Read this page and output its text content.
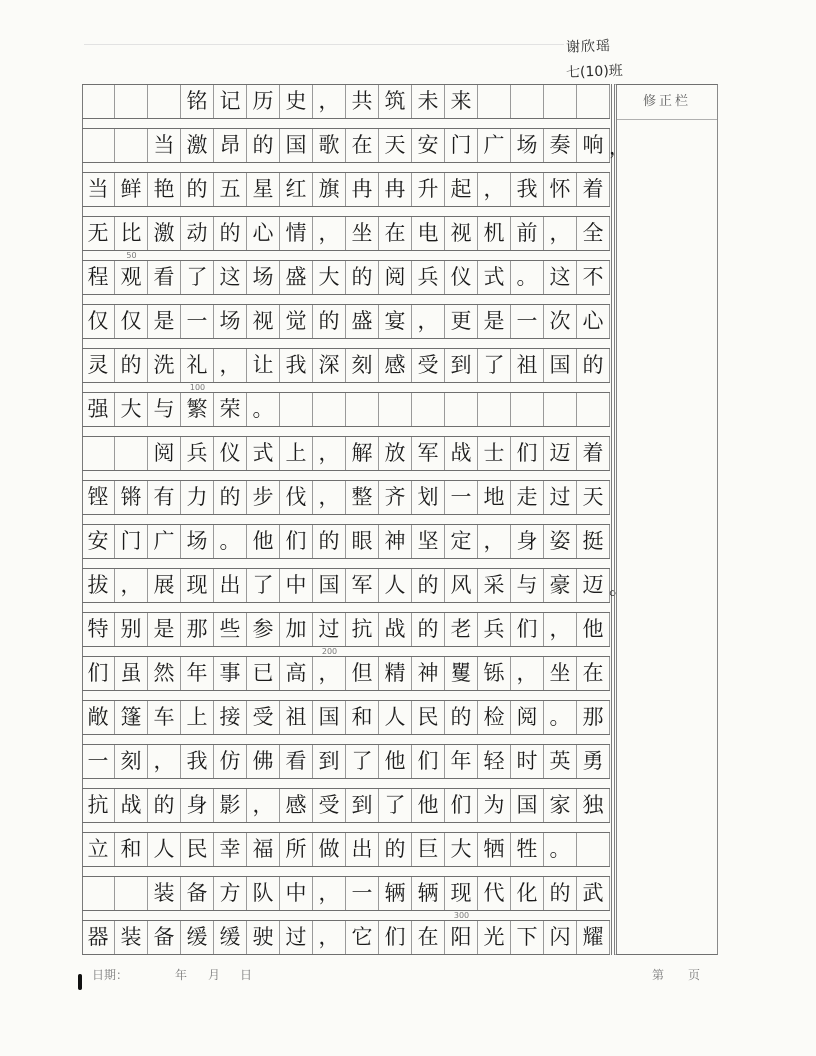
谢欣瑶
七(10)班
铭 记 历 史 ， 共 筑 未 来
当 激 昂 的 国 歌 在 天 安 门 广 场 奏 响 ，
当 鲜 艳 的 五 星 红 旗 冉 冉 升 起 ， 我 怀 着
无 比 激 动 的 心 情 ， 坐 在 电 视 机 前 ， 全
程 观 看 了 这 场 盛 大 的 阅 兵 仪 式 。 这 不
仅 仅 是 一 场 视 觉 的 盛 宴 ， 更 是 一 次 心
灵 的 洗 礼 ， 让 我 深 刻 感 受 到 了 祖 国 的
强 大 与 繁 荣 。
阅 兵 仪 式 上 ， 解 放 军 战 士 们 迈 着
铿 锵 有 力 的 步 伐 ， 整 齐 划 一 地 走 过 天
安 门 广 场 。 他 们 的 眼 神 坚 定 ， 身 姿 挺
拔 ， 展 现 出 了 中 国 军 人 的 风 采 与 豪 迈 。
特 别 是 那 些 参 加 过 抗 战 的 老 兵 们 ， 他
们 虽 然 年 事 已 高 ， 但 精 神 矍 铄 ， 坐 在
敞 篷 车 上 接 受 祖 国 和 人 民 的 检 阅 。 那
一 刻 ， 我 仿 佛 看 到 了 他 们 年 轻 时 英 勇
抗 战 的 身 影 ， 感 受 到 了 他 们 为 国 家 独
立 和 人 民 幸 福 所 做 出 的 巨 大 牺 牲 。
装 备 方 队 中 ， 一 辆 辆 现 代 化 的 武
器 装 备 缓 缓 驶 过 ， 它 们 在 阳 光 下 闪 耀
50
100
200
300
修正栏
日期：	年 月 日	第 页
